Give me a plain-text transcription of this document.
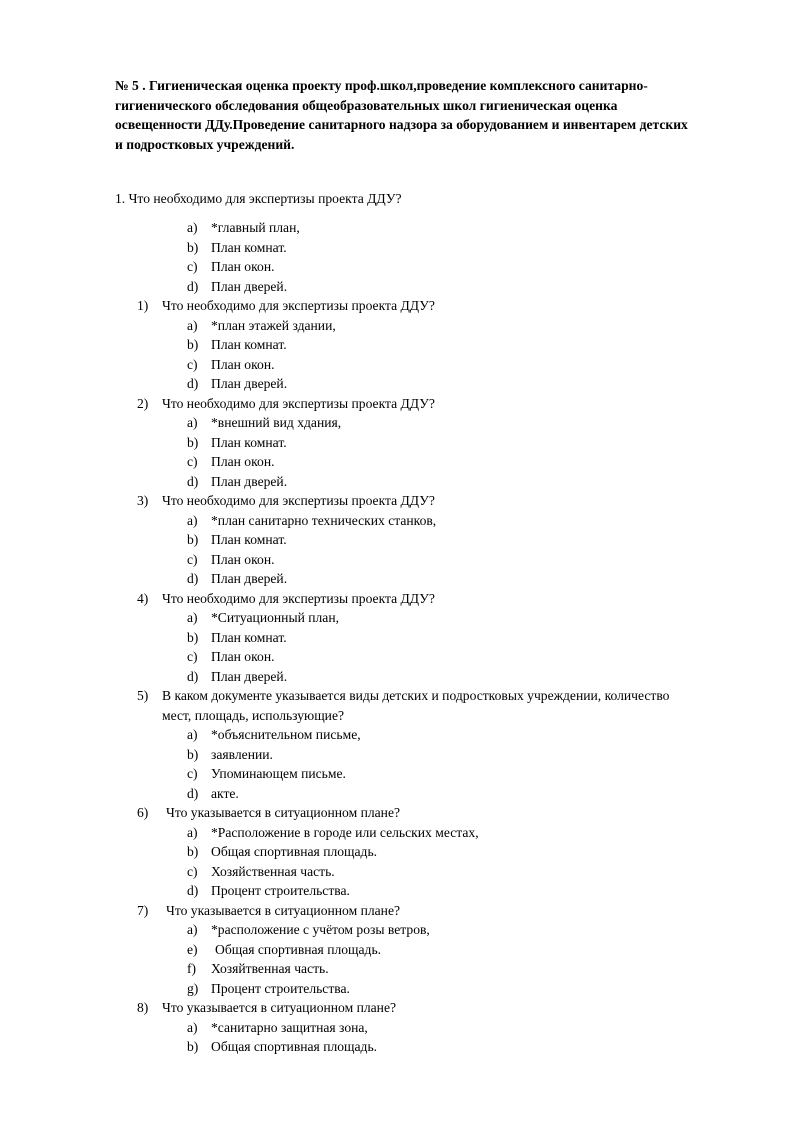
№ 5 . Гигиеническая оценка проекту проф.школ,проведение комплексного санитарно-
гигиенического обследования общеобразовательных школ гигиеническая оценка
освещенности ДДу.Проведение санитарного надзора за оборудованием и инвентарем детских
и подростковых учреждений.
1. Что необходимо для экспертизы проекта ДДУ?
a) *главный план,
b) План комнат.
c) План окон.
d) План дверей.
1) Что необходимо для экспертизы проекта ДДУ?
a) *план этажей здании,
b) План комнат.
c) План окон.
d) План дверей.
2) Что необходимо для экспертизы проекта ДДУ?
a) *внешний вид хдания,
b) План комнат.
c) План окон.
d) План дверей.
3) Что необходимо для экспертизы проекта ДДУ?
a) *план санитарно технических станков,
b) План комнат.
c) План окон.
d) План дверей.
4) Что необходимо для экспертизы проекта ДДУ?
a) *Ситуационный план,
b) План комнат.
c) План окон.
d) План дверей.
5) В каком документе указывается виды детских и подростковых учреждении, количество
мест, площадь, использующие?
a) *объяснительном письме,
b) заявлении.
c) Упоминающем письме.
d) акте.
6) Что указывается в ситуационном плане?
a) *Расположение в городе или сельских местах,
b) Общая спортивная площадь.
c) Хозяйственная часть.
d) Процент строительства.
7) Что указывается в ситуационном плане?
a) *расположение с учётом розы ветров,
e) Общая спортивная площадь.
f) Хозяйтвенная часть.
g) Процент строительства.
8) Что указывается в ситуационном плане?
a) *санитарно защитная зона,
b) Общая спортивная площадь.
